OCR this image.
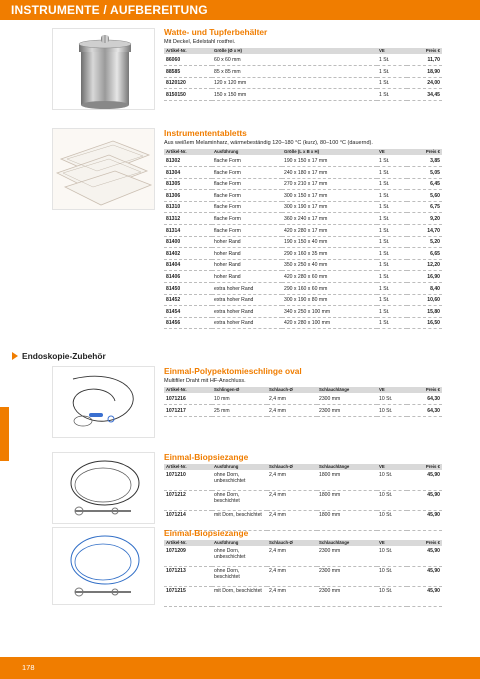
INSTRUMENTE / AUFBEREITUNG
Watte- und Tupferbehälter
Mit Deckel, Edelstahl rostfrei.
Artikel-Nr.	Größe (Ø x H)	VE	Preis €
86060	60 x 60 mm	1 St.	11,70
88585	85 x 85 mm	1 St.	18,90
8120120	120 x 120 mm	1 St.	24,00
8150150	150 x 150 mm	1 St.	34,45
Instrumententabletts
Aus weißem Melaminharz, wärmebeständig 120–180 °C (kurz), 80–100 °C (dauernd).
Artikel-Nr.	Ausführung	Größe (L x B x H)	VE	Preis €
81302	flache Form	190 x 150 x 17 mm	1 St.	3,85
81304	flache Form	240 x 180 x 17 mm	1 St.	5,05
81305	flache Form	270 x 210 x 17 mm	1 St.	6,45
81306	flache Form	300 x 150 x 17 mm	1 St.	5,60
81310	flache Form	300 x 190 x 17 mm	1 St.	6,75
81312	flache Form	360 x 240 x 17 mm	1 St.	9,20
81314	flache Form	420 x 280 x 17 mm	1 St.	14,70
81400	hoher Rand	190 x 150 x 40 mm	1 St.	5,20
81402	hoher Rand	290 x 160 x 35 mm	1 St.	6,65
81404	hoher Rand	350 x 250 x 40 mm	1 St.	12,20
81406	hoher Rand	420 x 280 x 60 mm	1 St.	16,90
81450	extra hoher Rand	290 x 160 x 60 mm	1 St.	8,40
81452	extra hoher Rand	300 x 190 x 80 mm	1 St.	10,60
81454	extra hoher Rand	340 x 250 x 100 mm	1 St.	15,80
81456	extra hoher Rand	420 x 280 x 100 mm	1 St.	16,50
Endoskopie-Zubehör
Einmal-Polypektomieschlinge oval
Multifiler Draht mit HF-Anschluss.
Artikel-Nr.	Schlingen-Ø	Schlauch-Ø	Schlauchlänge	VE	Preis €
1071216	10 mm	2,4 mm	2300 mm	10 St.	64,30
1071217	25 mm	2,4 mm	2300 mm	10 St.	64,30
Einmal-Biopsiezange
Artikel-Nr.	Ausführung	Schlauch-Ø	Schlauchlänge	VE	Preis €
1071210	ohne Dorn, unbeschichtet	2,4 mm	1800 mm	10 St.	45,90
1071212	ohne Dorn, beschichtet	2,4 mm	1800 mm	10 St.	45,90
1071214	mit Dorn, beschichtet	2,4 mm	1800 mm	10 St.	45,90
Einmal-Biopsiezange
Artikel-Nr.	Ausführung	Schlauch-Ø	Schlauchlänge	VE	Preis €
1071209	ohne Dorn, unbeschichtet	2,4 mm	2300 mm	10 St.	45,90
1071213	ohne Dorn, beschichtet	2,4 mm	2300 mm	10 St.	45,90
1071215	mit Dorn, beschichtet	2,4 mm	2300 mm	10 St.	45,90
178
